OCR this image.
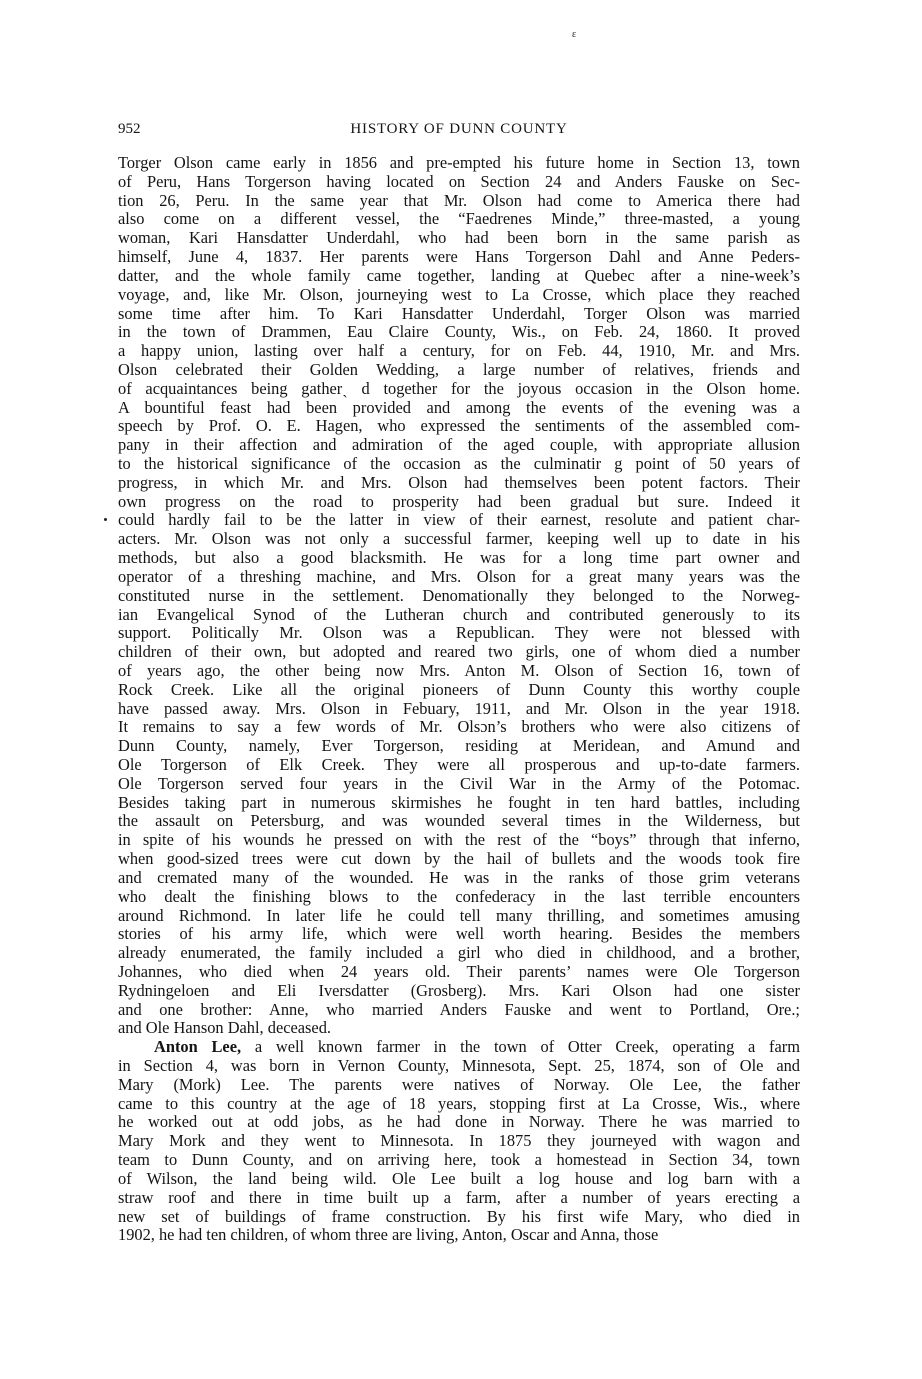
ɛ
952	HISTORY OF DUNN COUNTY
Torger Olson came early in 1856 and pre-empted his future home in Section 13, town
of Peru, Hans Torgerson having located on Section 24 and Anders Fauske on Sec-
tion 26, Peru. In the same year that Mr. Olson had come to America there had
also come on a different vessel, the “Faedrenes Minde,” three-masted, a young
woman, Kari Hansdatter Underdahl, who had been born in the same parish as
himself, June 4, 1837. Her parents were Hans Torgerson Dahl and Anne Peders-
datter, and the whole family came together, landing at Quebec after a nine-week’s
voyage, and, like Mr. Olson, journeying west to La Crosse, which place they reached
some time after him. To Kari Hansdatter Underdahl, Torger Olson was married
in the town of Drammen, Eau Claire County, Wis., on Feb. 24, 1860. It proved
a happy union, lasting over half a century, for on Feb. 44, 1910, Mr. and Mrs.
Olson celebrated their Golden Wedding, a large number of relatives, friends and
of acquaintances being gatherˎ d together for the joyous occasion in the Olson home.
A bountiful feast had been provided and among the events of the evening was a
speech by Prof. O. E. Hagen, who expressed the sentiments of the assembled com-
pany in their affection and admiration of the aged couple, with appropriate allusion
to the historical significance of the occasion as the culminatir g point of 50 years of
progress, in which Mr. and Mrs. Olson had themselves been potent factors. Their
own progress on the road to prosperity had been gradual but sure. Indeed it
could hardly fail to be the latter in view of their earnest, resolute and patient char-
acters. Mr. Olson was not only a successful farmer, keeping well up to date in his
methods, but also a good blacksmith. He was for a long time part owner and
operator of a threshing machine, and Mrs. Olson for a great many years was the
constituted nurse in the settlement. Denomationally they belonged to the Norweg-
ian Evangelical Synod of the Lutheran church and contributed generously to its
support. Politically Mr. Olson was a Republican. They were not blessed with
children of their own, but adopted and reared two girls, one of whom died a number
of years ago, the other being now Mrs. Anton M. Olson of Section 16, town of
Rock Creek. Like all the original pioneers of Dunn County this worthy couple
have passed away. Mrs. Olson in Febuary, 1911, and Mr. Olson in the year 1918.
It remains to say a few words of Mr. Olsɔn’s brothers who were also citizens of
Dunn County, namely, Ever Torgerson, residing at Meridean, and Amund and
Ole Torgerson of Elk Creek. They were all prosperous and up-to-date farmers.
Ole Torgerson served four years in the Civil War in the Army of the Potomac.
Besides taking part in numerous skirmishes he fought in ten hard battles, including
the assault on Petersburg, and was wounded several times in the Wilderness, but
in spite of his wounds he pressed on with the rest of the “boys” through that inferno,
when good-sized trees were cut down by the hail of bullets and the woods took fire
and cremated many of the wounded. He was in the ranks of those grim veterans
who dealt the finishing blows to the confederacy in the last terrible encounters
around Richmond. In later life he could tell many thrilling, and sometimes amusing
stories of his army life, which were well worth hearing. Besides the members
already enumerated, the family included a girl who died in childhood, and a brother,
Johannes, who died when 24 years old. Their parents’ names were Ole Torgerson
Rydningeloen and Eli Iversdatter (Grosberg). Mrs. Kari Olson had one sister
and one brother: Anne, who married Anders Fauske and went to Portland, Ore.;
and Ole Hanson Dahl, deceased.
Anton Lee, a well known farmer in the town of Otter Creek, operating a farm
in Section 4, was born in Vernon County, Minnesota, Sept. 25, 1874, son of Ole and
Mary (Mork) Lee. The parents were natives of Norway. Ole Lee, the father
came to this country at the age of 18 years, stopping first at La Crosse, Wis., where
he worked out at odd jobs, as he had done in Norway. There he was married to
Mary Mork and they went to Minnesota. In 1875 they journeyed with wagon and
team to Dunn County, and on arriving here, took a homestead in Section 34, town
of Wilson, the land being wild. Ole Lee built a log house and log barn with a
straw roof and there in time built up a farm, after a number of years erecting a
new set of buildings of frame construction. By his first wife Mary, who died in
1902, he had ten children, of whom three are living, Anton, Oscar and Anna, those
